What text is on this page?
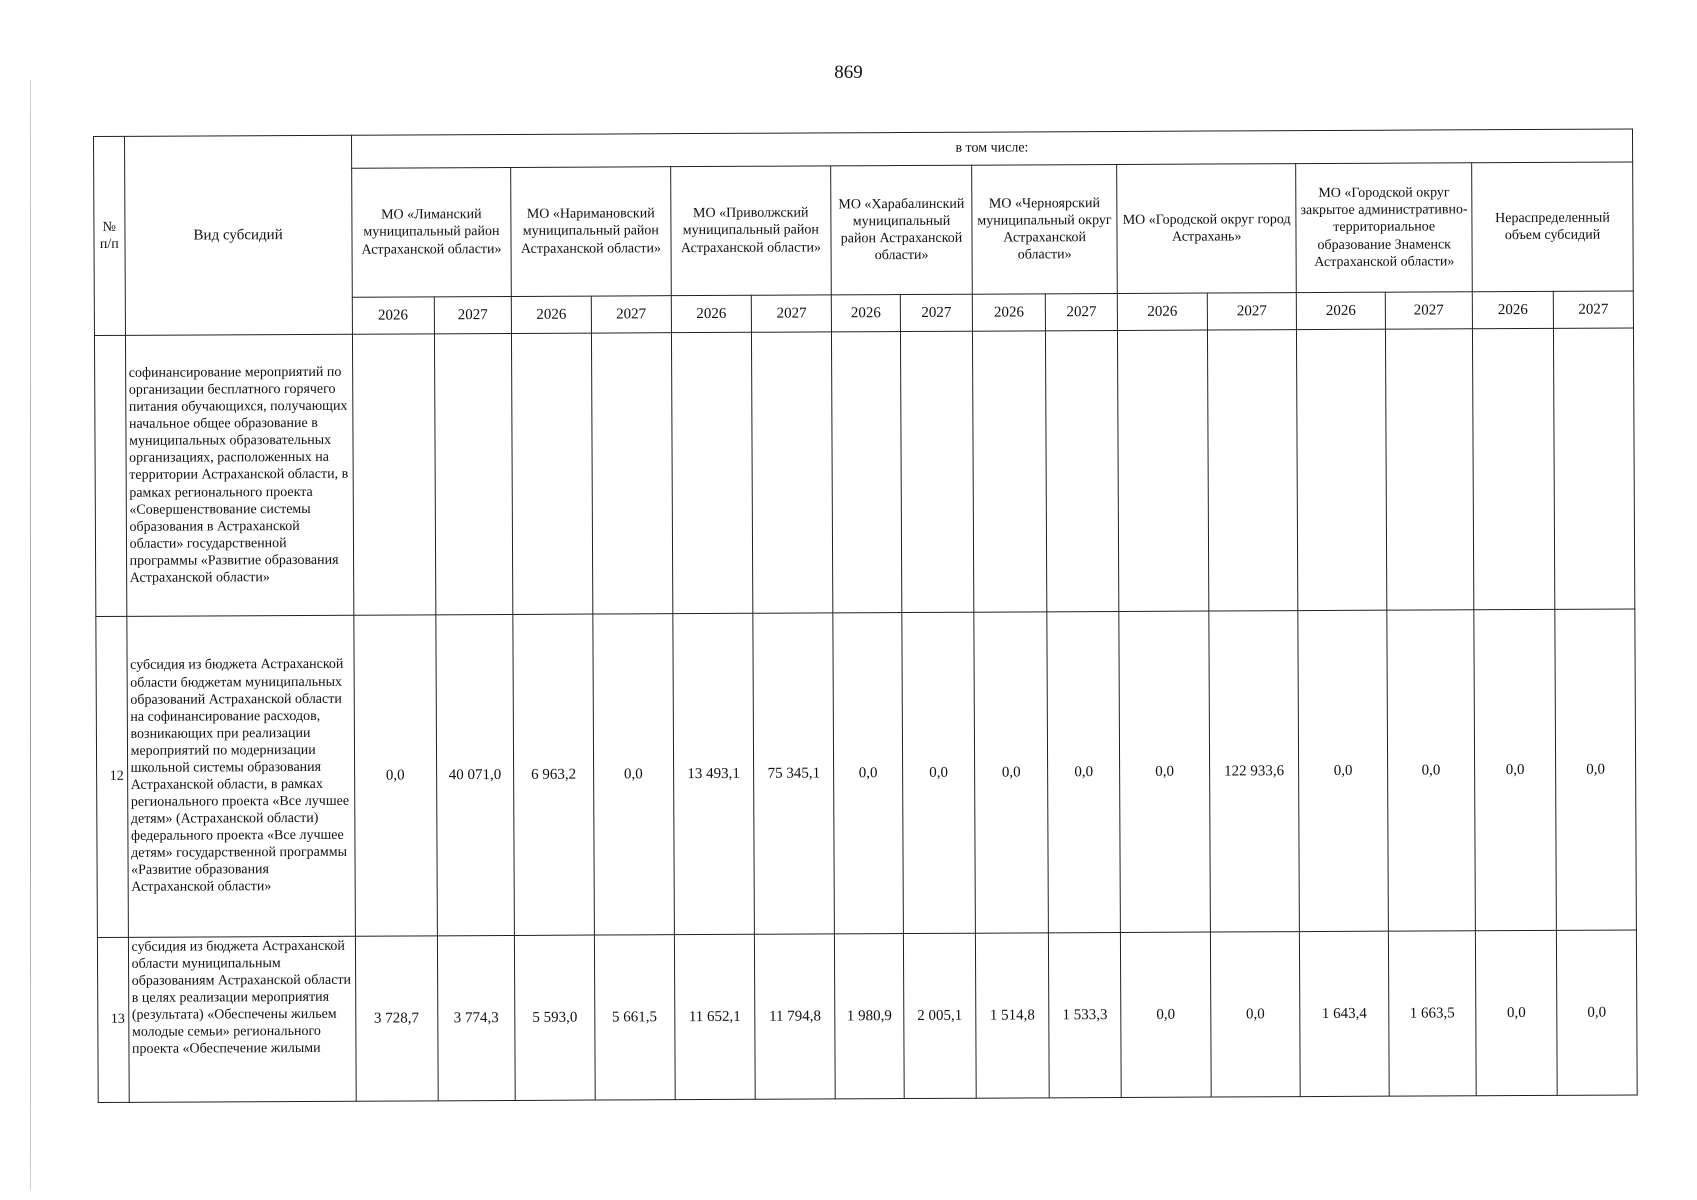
869
№ п/п	Вид субсидий	в том числе:															
		МО «Лиманский муниципальный район Астраханской области»		МО «Наримановский муниципальный район Астраханской области»		МО «Приволжский муниципальный район Астраханской области»		МО «Харабалинский муниципальный район Астраханской области»		МО «Черноярский муниципальный округ Астраханской области»		МО «Городской округ город Астрахань»		МО «Городской округ закрытое административно-территориальное образование Знаменск Астраханской области»		Нераспределенный объем субсидий	
		2026	2027	2026	2027	2026	2027	2026	2027	2026	2027	2026	2027	2026	2027	2026	2027
	софинансирование мероприятий по организации бесплатного горячего питания обучающихся, получающих начальное общее образование в муниципальных образовательных организациях, расположенных на территории Астраханской области, в рамках регионального проекта «Совершенствование системы образования в Астраханской области» государственной программы «Развитие образования Астраханской области»																
12	субсидия из бюджета Астраханской области бюджетам муниципальных образований Астраханской области на софинансирование расходов, возникающих при реализации мероприятий по модернизации школьной системы образования Астраханской области, в рамках регионального проекта «Все лучшее детям» (Астраханской области) федерального проекта «Все лучшее детям» государственной программы «Развитие образования Астраханской области»	0,0	40 071,0	6 963,2	0,0	13 493,1	75 345,1	0,0	0,0	0,0	0,0	0,0	122 933,6	0,0	0,0	0,0	0,0
13	субсидия из бюджета Астраханской области муниципальным образованиям Астраханской области в целях реализации мероприятия (результата) «Обеспечены жильем молодые семьи» регионального проекта «Обеспечение жилыми	3 728,7	3 774,3	5 593,0	5 661,5	11 652,1	11 794,8	1 980,9	2 005,1	1 514,8	1 533,3	0,0	0,0	1 643,4	1 663,5	0,0	0,0
